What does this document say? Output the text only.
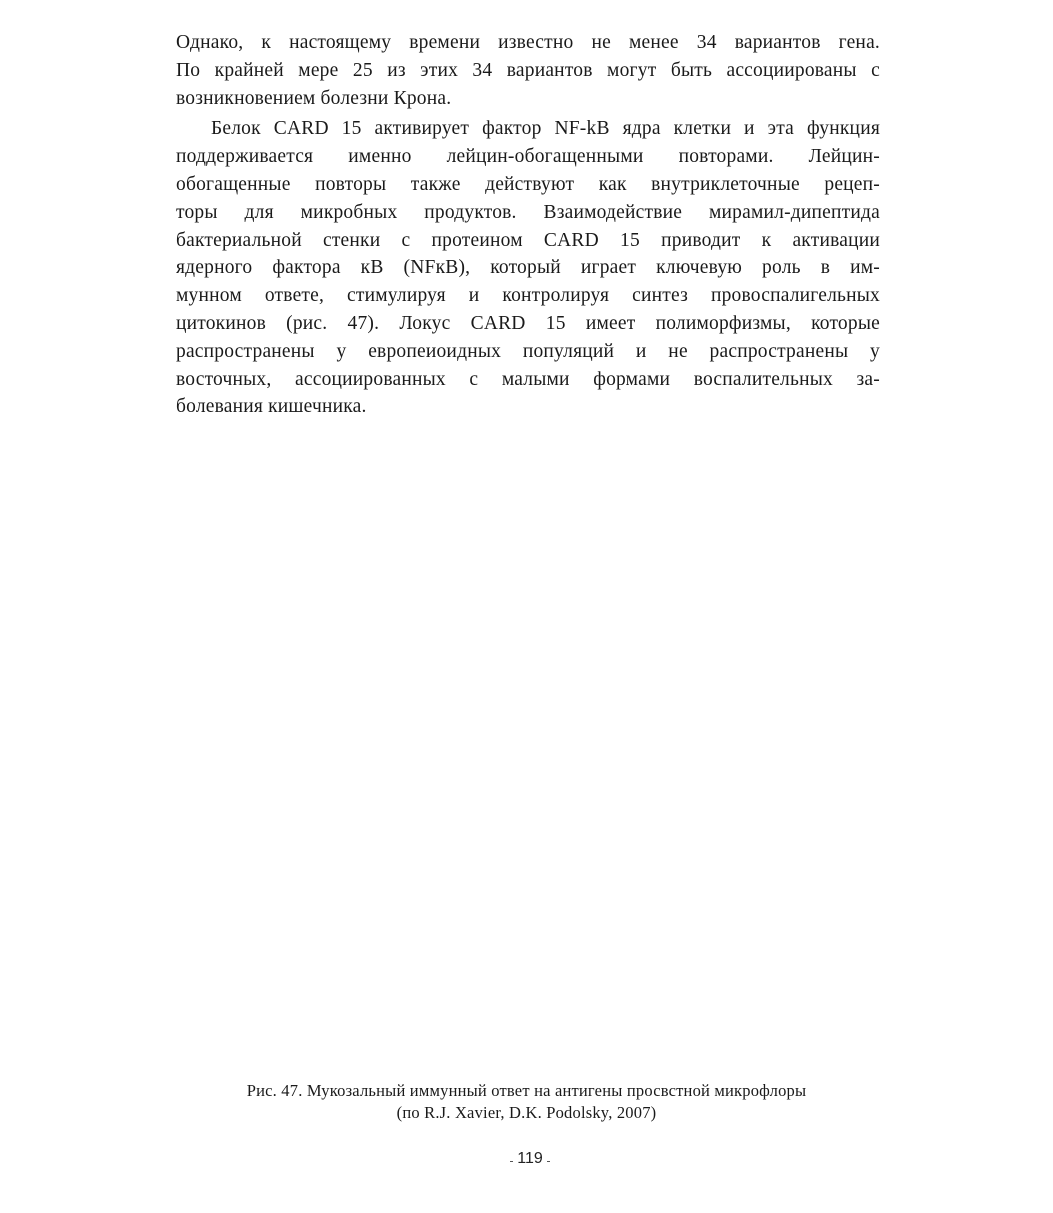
Однако, к настоящему времени известно не менее 34 вариантов гена.
По крайней мере 25 из этих 34 вариантов могут быть ассоциированы с
возникновением болезни Крона.
Белок CARD 15 активирует фактор NF-kB ядра клетки и эта функция
поддерживается именно лейцин-обогащенными повторами. Лейцин-
обогащенные повторы также действуют как внутриклеточные рецеп-
торы для микробных продуктов. Взаимодействие мирамил-дипептида
бактериальной стенки с протеином CARD 15 приводит к активации
ядерного фактора кВ (NFкВ), который играет ключевую роль в им-
мунном ответе, стимулируя и контролируя синтез провоспалигельных
цитокинов (рис. 47). Локус CARD 15 имеет полиморфизмы, которые
распространены у европеиоидных популяций и не распространены у
восточных, ассоциированных с малыми формами воспалительных за-
болевания кишечника.
Рис. 47. Мукозальный иммунный ответ на антигены просвстной микрофлоры
(по R.J. Xavier, D.K. Podolsky, 2007)
119
